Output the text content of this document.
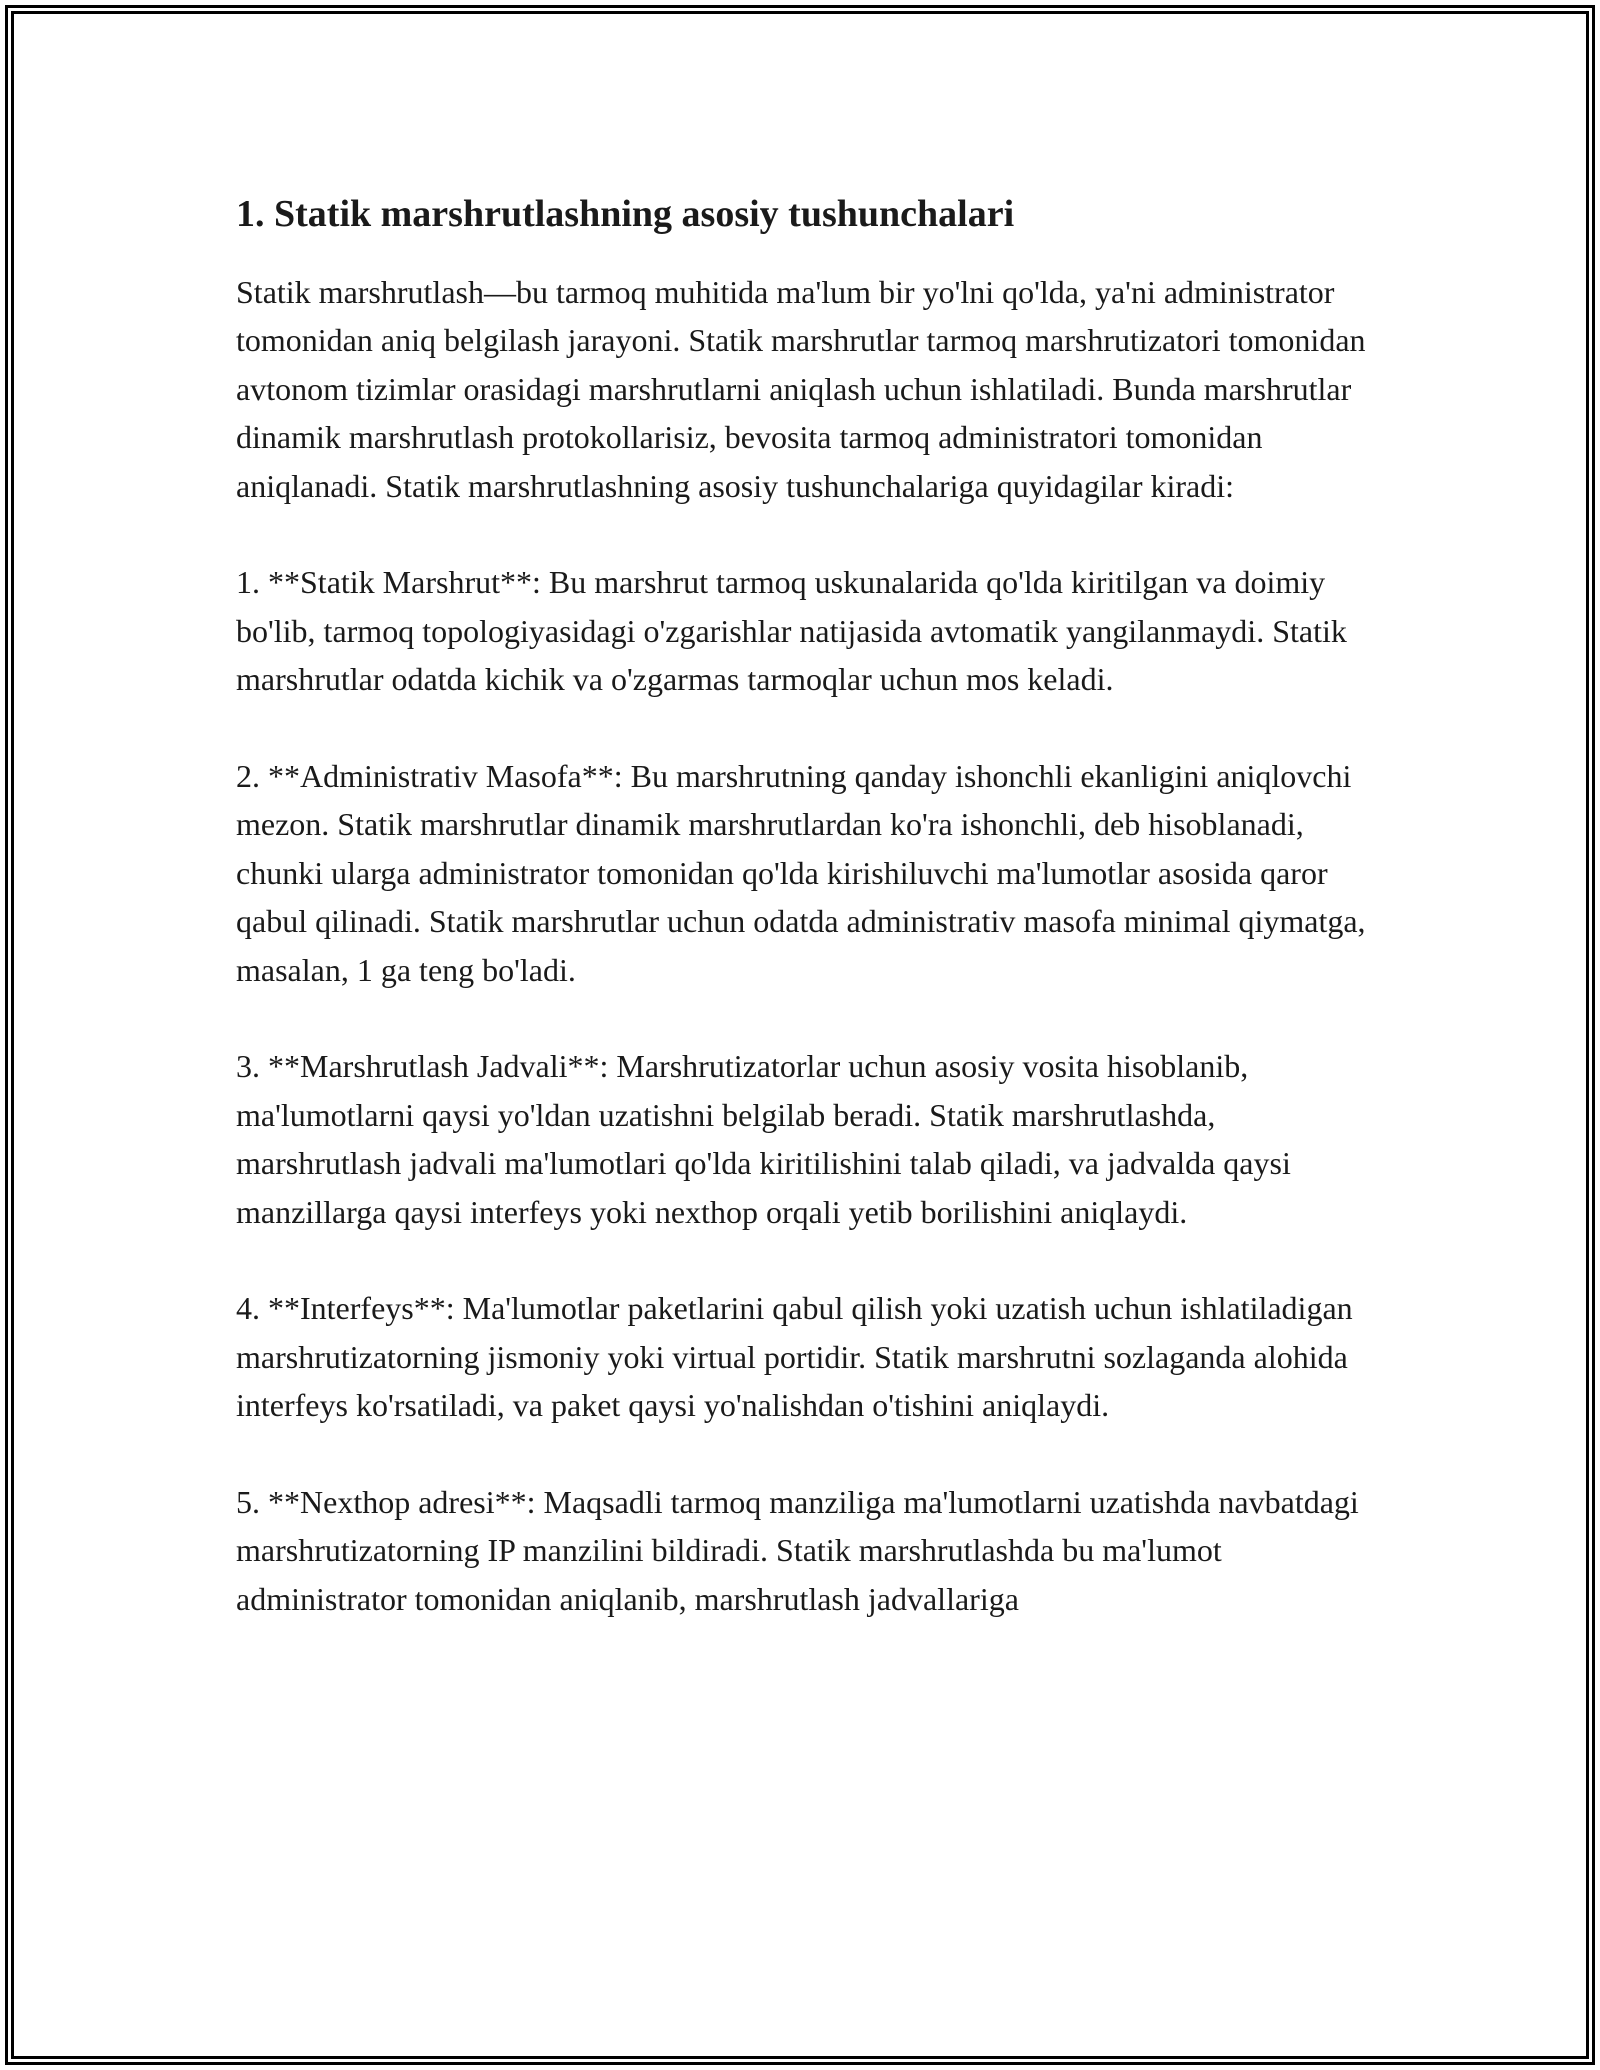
1. Statik marshrutlashning asosiy tushunchalari

Statik marshrutlash—bu tarmoq muhitida ma'lum bir yo'lni qo'lda, ya'ni administrator tomonidan aniq belgilash jarayoni. Statik marshrutlar tarmoq marshrutizatori tomonidan avtonom tizimlar orasidagi marshrutlarni aniqlash uchun ishlatiladi. Bunda marshrutlar dinamik marshrutlash protokollarisiz, bevosita tarmoq administratori tomonidan aniqlanadi. Statik marshrutlashning asosiy tushunchalariga quyidagilar kiradi:

1. **Statik Marshrut**: Bu marshrut tarmoq uskunalarida qo'lda kiritilgan va doimiy bo'lib, tarmoq topologiyasidagi o'zgarishlar natijasida avtomatik yangilanmaydi. Statik marshrutlar odatda kichik va o'zgarmas tarmoqlar uchun mos keladi.

2. **Administrativ Masofa**: Bu marshrutning qanday ishonchli ekanligini aniqlovchi mezon. Statik marshrutlar dinamik marshrutlardan ko'ra ishonchli, deb hisoblanadi, chunki ularga administrator tomonidan qo'lda kirishiluvchi ma'lumotlar asosida qaror qabul qilinadi. Statik marshrutlar uchun odatda administrativ masofa minimal qiymatga, masalan, 1 ga teng bo'ladi.

3. **Marshrutlash Jadvali**: Marshrutizatorlar uchun asosiy vosita hisoblanib, ma'lumotlarni qaysi yo'ldan uzatishni belgilab beradi. Statik marshrutlashda, marshrutlash jadvali ma'lumotlari qo'lda kiritilishini talab qiladi, va jadvalda qaysi manzillarga qaysi interfeys yoki nexthop orqali yetib borilishini aniqlaydi.

4. **Interfeys**: Ma'lumotlar paketlarini qabul qilish yoki uzatish uchun ishlatiladigan marshrutizatorning jismoniy yoki virtual portidir. Statik marshrutni sozlaganda alohida interfeys ko'rsatiladi, va paket qaysi yo'nalishdan o'tishini aniqlaydi.

5. **Nexthop adresi**: Maqsadli tarmoq manziliga ma'lumotlarni uzatishda navbatdagi marshrutizatorning IP manzilini bildiradi. Statik marshrutlashda bu ma'lumot administrator tomonidan aniqlanib, marshrutlash jadvallariga
